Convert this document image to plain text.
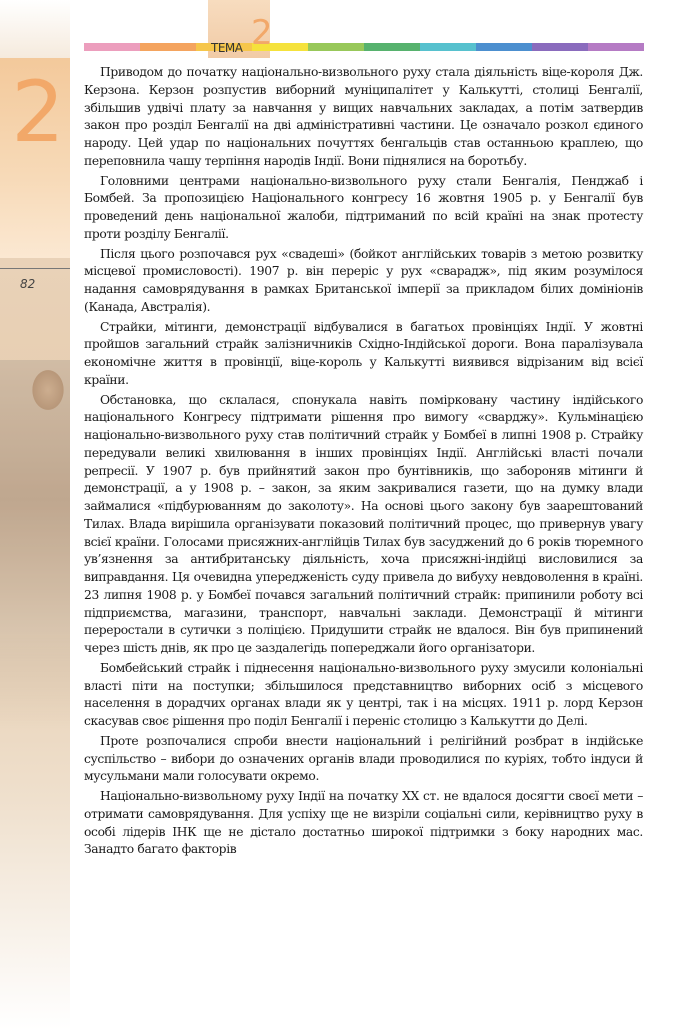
2
82
ТЕМА 2

Приводом до початку національно-визвольного руху стала діяльність віце-короля Дж. Керзона. Керзон розпустив виборний муніципалітет у Калькутті, столиці Бенгалії, збільшив удвічі плату за навчання у вищих навчальних закладах, а потім затвердив закон про розділ Бенгалії на дві адміністративні частини. Це означало розкол єдиного народу. Цей удар по національних почуттях бенгальців став останньою краплею, що переповнила чашу терпіння народів Індії. Вони піднялися на боротьбу.

Головними центрами національно-визвольного руху стали Бенгалія, Пенджаб і Бомбей. За пропозицією Національного конгресу 16 жовтня 1905 р. у Бенгалії був проведений день національної жалоби, підтриманий по всій країні на знак протесту проти розділу Бенгалії.

Після цього розпочався рух «свадеші» (бойкот англійських товарів з метою розвитку місцевої промисловості). 1907 р. він переріс у рух «сварадж», під яким розумілося надання самоврядування в рамках Британської імперії за прикладом білих домініонів (Канада, Австралія).

Страйки, мітинги, демонстрації відбувалися в багатьох провінціях Індії. У жовтні пройшов загальний страйк залізничників Східно-Індійської дороги. Вона паралізувала економічне життя в провінції, віце-король у Калькутті виявився відрізаним від всієї країни.

Обстановка, що склалася, спонукала навіть помірковану частину індійського національного Конгресу підтримати рішення про вимогу «сварджу». Кульмінацією національно-визвольного руху став політичний страйк у Бомбеї в липні 1908 р. Страйку передували великі хвилювання в інших провінціях Індії. Англійські власті почали репресії. У 1907 р. був прийнятий закон про бунтівників, що забороняв мітинги й демонстрації, а у 1908 р. – закон, за яким закривалися газети, що на думку влади займалися «підбурюванням до заколоту». На основі цього закону був заарештований Тилах. Влада вирішила організувати показовий політичний процес, що привернув увагу всієї країни. Голосами присяжних-англійців Тилах був засуджений до 6 років тюремного ув’язнення за антибританську діяльність, хоча присяжні-індійці висловилися за виправдання. Ця очевидна упередженість суду привела до вибуху невдоволення в країні. 23 липня 1908 р. у Бомбеї почався загальний політичний страйк: припинили роботу всі підприємства, магазини, транспорт, навчальні заклади. Демонстрації й мітинги переростали в сутички з поліцією. Придушити страйк не вдалося. Він був припинений через шість днів, як про це заздалегідь попереджали його організатори.

Бомбейський страйк і піднесення національно-визвольного руху змусили колоніальні власті піти на поступки; збільшилося представництво виборних осіб з місцевого населення в дорадчих органах влади як у центрі, так і на місцях. 1911 р. лорд Керзон скасував своє рішення про поділ Бенгалії і переніс столицю з Калькутти до Делі.

Проте розпочалися спроби внести національний і релігійний розбрат в індійське суспільство – вибори до означених органів влади проводилися по куріях, тобто індуси й мусульмани мали голосувати окремо.

Національно-визвольному руху Індії на початку XX ст. не вдалося досягти своєї мети – отримати самоврядування. Для успіху ще не визріли соціальні сили, керівництво руху в особі лідерів ІНК ще не дістало достатньо широкої підтримки з боку народних мас. Занадто багато факторів
